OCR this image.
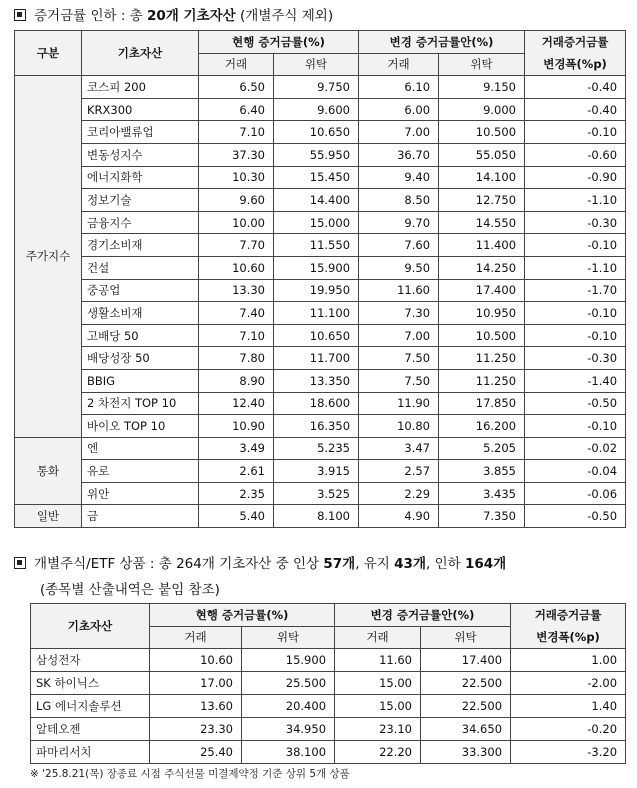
증거금률 인하 : 총 20개 기초자산 (개별주식 제외)
구분	기초자산	현행 증거금률(%)		변경 증거금률안(%)		거래증거금률
		거래	위탁	거래	위탁	변경폭(%p)
주가지수	코스피 200	6.50	9.750	6.10	9.150	-0.40
	KRX300	6.40	9.600	6.00	9.000	-0.40
	코리아밸류업	7.10	10.650	7.00	10.500	-0.10
	변동성지수	37.30	55.950	36.70	55.050	-0.60
	에너지화학	10.30	15.450	9.40	14.100	-0.90
	정보기술	9.60	14.400	8.50	12.750	-1.10
	금융지수	10.00	15.000	9.70	14.550	-0.30
	경기소비재	7.70	11.550	7.60	11.400	-0.10
	건설	10.60	15.900	9.50	14.250	-1.10
	중공업	13.30	19.950	11.60	17.400	-1.70
	생활소비재	7.40	11.100	7.30	10.950	-0.10
	고배당 50	7.10	10.650	7.00	10.500	-0.10
	배당성장 50	7.80	11.700	7.50	11.250	-0.30
	BBIG	8.90	13.350	7.50	11.250	-1.40
	2 차전지 TOP 10	12.40	18.600	11.90	17.850	-0.50
	바이오 TOP 10	10.90	16.350	10.80	16.200	-0.10
통화	엔	3.49	5.235	3.47	5.205	-0.02
	유로	2.61	3.915	2.57	3.855	-0.04
	위안	2.35	3.525	2.29	3.435	-0.06
일반	금	5.40	8.100	4.90	7.350	-0.50
개별주식/ETF 상품 : 총 264개 기초자산 중 인상 57개, 유지 43개, 인하 164개
(종목별 산출내역은 붙임 참조)
기초자산	현행 증거금률(%)		변경 증거금률안(%)		거래증거금률
	거래	위탁	거래	위탁	변경폭(%p)
삼성전자	10.60	15.900	11.60	17.400	1.00
SK 하이닉스	17.00	25.500	15.00	22.500	-2.00
LG 에너지솔루션	13.60	20.400	15.00	22.500	1.40
알테오젠	23.30	34.950	23.10	34.650	-0.20
파마리서치	25.40	38.100	22.20	33.300	-3.20
※ '25.8.21(목) 장종료 시점 주식선물 미결제약정 기준 상위 5개 상품
